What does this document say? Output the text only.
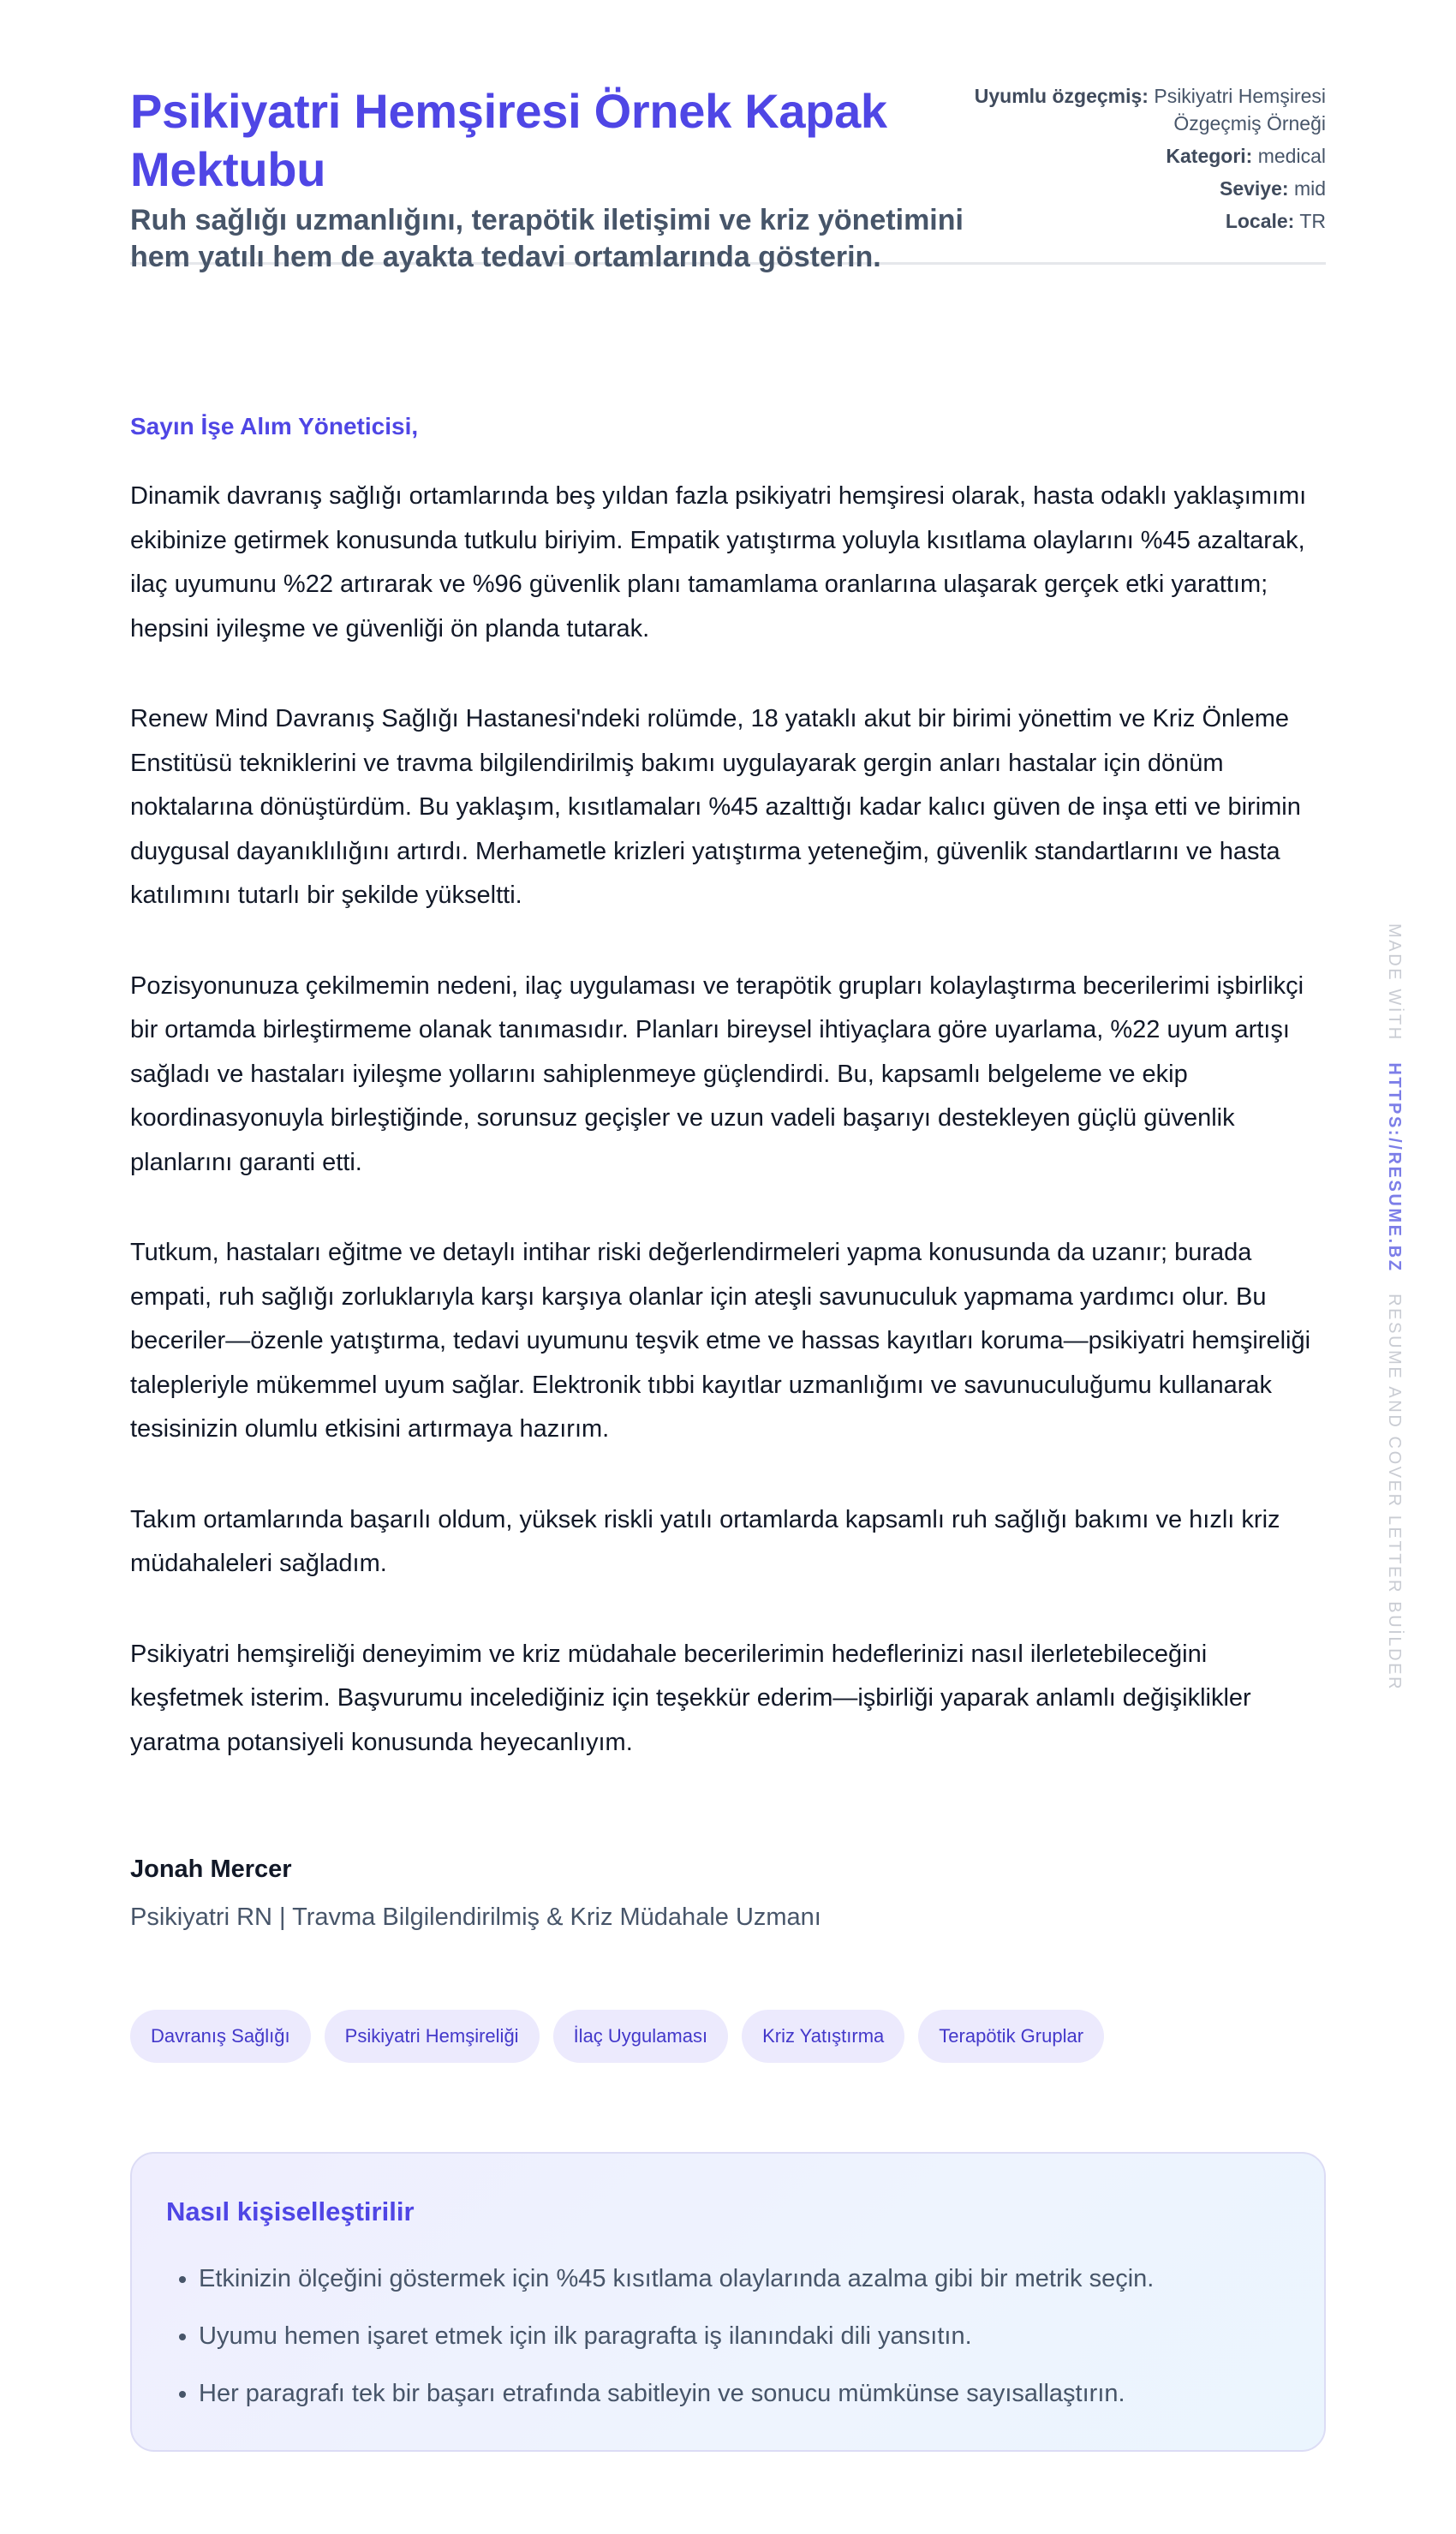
Psikiyatri Hemşiresi Örnek Kapak Mektubu
Ruh sağlığı uzmanlığını, terapötik iletişimi ve kriz yönetimini hem yatılı hem de ayakta tedavi ortamlarında gösterin.
Uyumlu özgeçmiş: Psikiyatri Hemşiresi Özgeçmiş Örneği
Kategori: medical
Seviye: mid
Locale: TR

Sayın İşe Alım Yöneticisi,

Dinamik davranış sağlığı ortamlarında beş yıldan fazla psikiyatri hemşiresi olarak, hasta odaklı yaklaşımımı ekibinize getirmek konusunda tutkulu biriyim. Empatik yatıştırma yoluyla kısıtlama olaylarını %45 azaltarak, ilaç uyumunu %22 artırarak ve %96 güvenlik planı tamamlama oranlarına ulaşarak gerçek etki yarattım; hepsini iyileşme ve güvenliği ön planda tutarak.

Renew Mind Davranış Sağlığı Hastanesi'ndeki rolümde, 18 yataklı akut bir birimi yönettim ve Kriz Önleme Enstitüsü tekniklerini ve travma bilgilendirilmiş bakımı uygulayarak gergin anları hastalar için dönüm noktalarına dönüştürdüm. Bu yaklaşım, kısıtlamaları %45 azalttığı kadar kalıcı güven de inşa etti ve birimin duygusal dayanıklılığını artırdı. Merhametle krizleri yatıştırma yeteneğim, güvenlik standartlarını ve hasta katılımını tutarlı bir şekilde yükseltti.

Pozisyonunuza çekilmemin nedeni, ilaç uygulaması ve terapötik grupları kolaylaştırma becerilerimi işbirlikçi bir ortamda birleştirmeme olanak tanımasıdır. Planları bireysel ihtiyaçlara göre uyarlama, %22 uyum artışı sağladı ve hastaları iyileşme yollarını sahiplenmeye güçlendirdi. Bu, kapsamlı belgeleme ve ekip koordinasyonuyla birleştiğinde, sorunsuz geçişler ve uzun vadeli başarıyı destekleyen güçlü güvenlik planlarını garanti etti.

Tutkum, hastaları eğitme ve detaylı intihar riski değerlendirmeleri yapma konusunda da uzanır; burada empati, ruh sağlığı zorluklarıyla karşı karşıya olanlar için ateşli savunuculuk yapmama yardımcı olur. Bu beceriler—özenle yatıştırma, tedavi uyumunu teşvik etme ve hassas kayıtları koruma—psikiyatri hemşireliği talepleriyle mükemmel uyum sağlar. Elektronik tıbbi kayıtlar uzmanlığımı ve savunuculuğumu kullanarak tesisinizin olumlu etkisini artırmaya hazırım.

Takım ortamlarında başarılı oldum, yüksek riskli yatılı ortamlarda kapsamlı ruh sağlığı bakımı ve hızlı kriz müdahaleleri sağladım.

Psikiyatri hemşireliği deneyimim ve kriz müdahale becerilerimin hedeflerinizi nasıl ilerletebileceğini keşfetmek isterim. Başvurumu incelediğiniz için teşekkür ederim—işbirliği yaparak anlamlı değişiklikler yaratma potansiyeli konusunda heyecanlıyım.

Jonah Mercer

Psikiyatri RN | Travma Bilgilendirilmiş & Kriz Müdahale Uzmanı

Davranış Sağlığı	Psikiyatri Hemşireliği	İlaç Uygulaması	Kriz Yatıştırma	Terapötik Gruplar
Nasıl kişiselleştirilir
• Etkinizin ölçeğini göstermek için %45 kısıtlama olaylarında azalma gibi bir metrik seçin.
• Uyumu hemen işaret etmek için ilk paragrafta iş ilanındaki dili yansıtın.
• Her paragrafı tek bir başarı etrafında sabitleyin ve sonucu mümkünse sayısallaştırın.
MADE WİTH   HTTPS://RESUME.BZ   RESUME AND COVER LETTER BUİLDER
